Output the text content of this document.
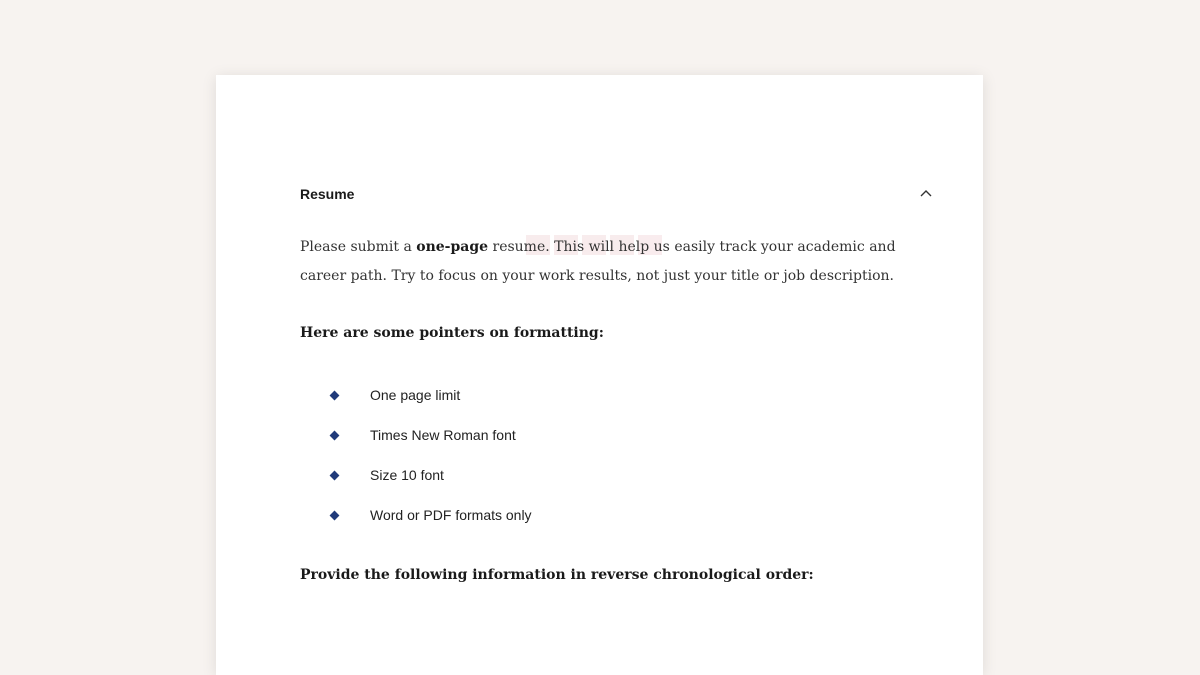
Resume

Please submit a one-page resume. This will help us easily track your academic and career path. Try to focus on your work results, not just your title or job description.

Here are some pointers on formatting:

One page limit
Times New Roman font
Size 10 font
Word or PDF formats only

Provide the following information in reverse chronological order:
